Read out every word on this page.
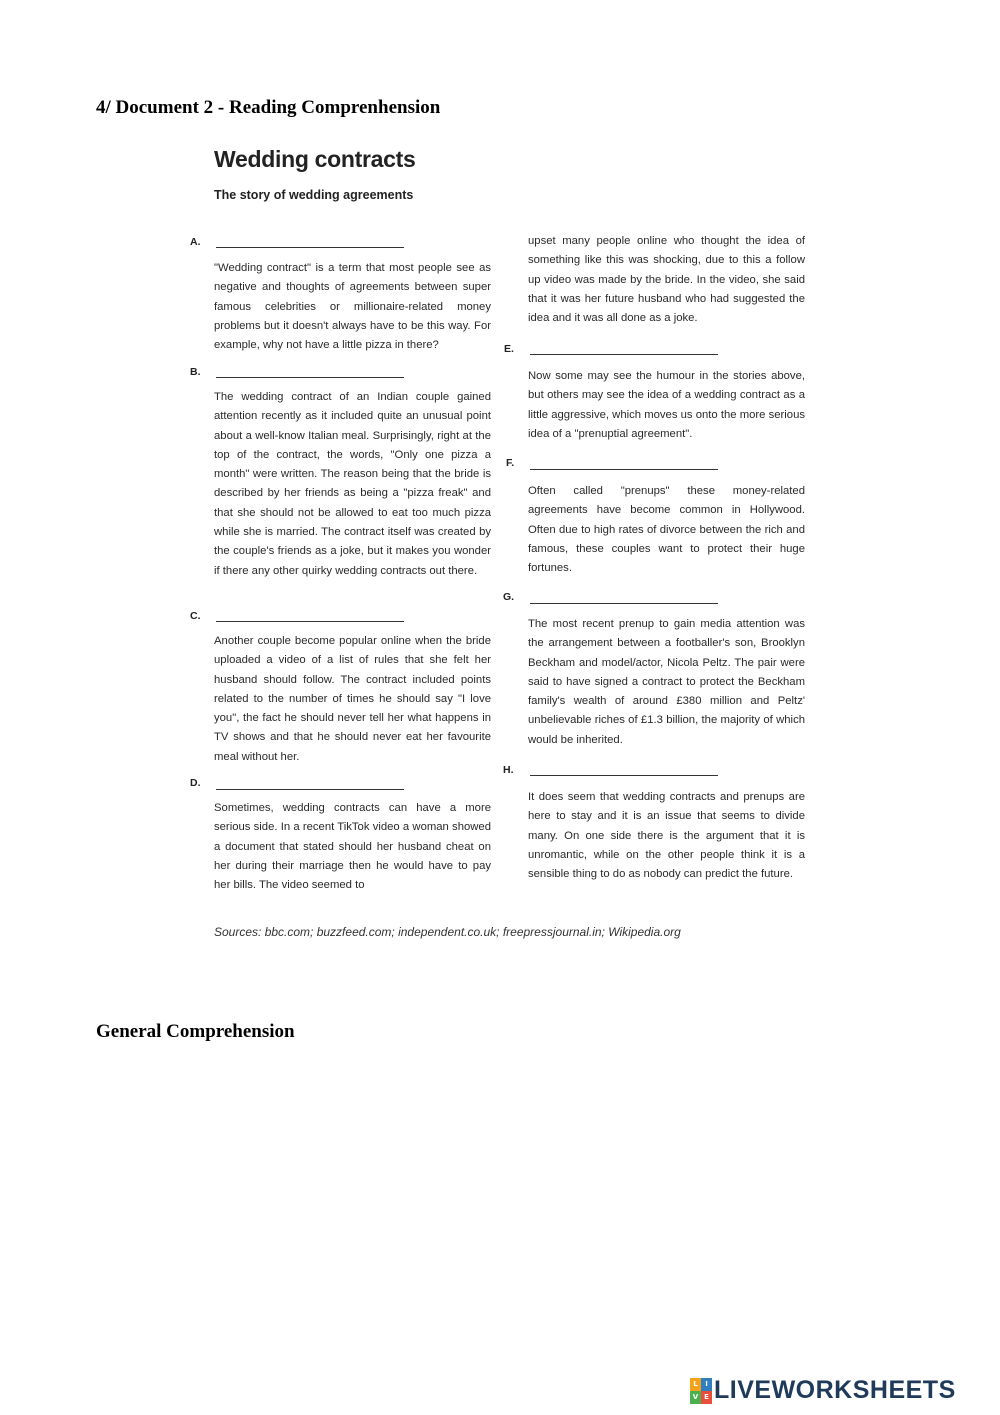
4/ Document 2 - Reading Comprenhension
Wedding contracts
The story of wedding agreements
A.

"Wedding contract" is a term that most people see as negative and thoughts of agreements between super famous celebrities or millionaire-related money problems but it doesn't always have to be this way. For example, why not have a little pizza in there?

B.

The wedding contract of an Indian couple gained attention recently as it included quite an unusual point about a well-know Italian meal. Surprisingly, right at the top of the contract, the words, "Only one pizza a month" were written. The reason being that the bride is described by her friends as being a "pizza freak" and that she should not be allowed to eat too much pizza while she is married. The contract itself was created by the couple's friends as a joke, but it makes you wonder if there any other quirky wedding contracts out there.

C.

Another couple become popular online when the bride uploaded a video of a list of rules that she felt her husband should follow. The contract included points related to the number of times he should say "I love you", the fact he should never tell her what happens in TV shows and that he should never eat her favourite meal without her.

D.

Sometimes, wedding contracts can have a more serious side. In a recent TikTok video a woman showed a document that stated should her husband cheat on her during their marriage then he would have to pay her bills. The video seemed to

upset many people online who thought the idea of something like this was shocking, due to this a follow up video was made by the bride. In the video, she said that it was her future husband who had suggested the idea and it was all done as a joke.

E.

Now some may see the humour in the stories above, but others may see the idea of a wedding contract as a little aggressive, which moves us onto the more serious idea of a "prenuptial agreement".

F.

Often called "prenups" these money-related agreements have become common in Hollywood. Often due to high rates of divorce between the rich and famous, these couples want to protect their huge fortunes.

G.

The most recent prenup to gain media attention was the arrangement between a footballer's son, Brooklyn Beckham and model/actor, Nicola Peltz. The pair were said to have signed a contract to protect the Beckham family's wealth of around £380 million and Peltz' unbelievable riches of £1.3 billion, the majority of which would be inherited.

H.

It does seem that wedding contracts and prenups are here to stay and it is an issue that seems to divide many. On one side there is the argument that it is unromantic, while on the other people think it is a sensible thing to do as nobody can predict the future.

Sources: bbc.com; buzzfeed.com; independent.co.uk; freepressjournal.in; Wikipedia.org

General Comprehension
L	I
V E LIVEWORKSHEETS
